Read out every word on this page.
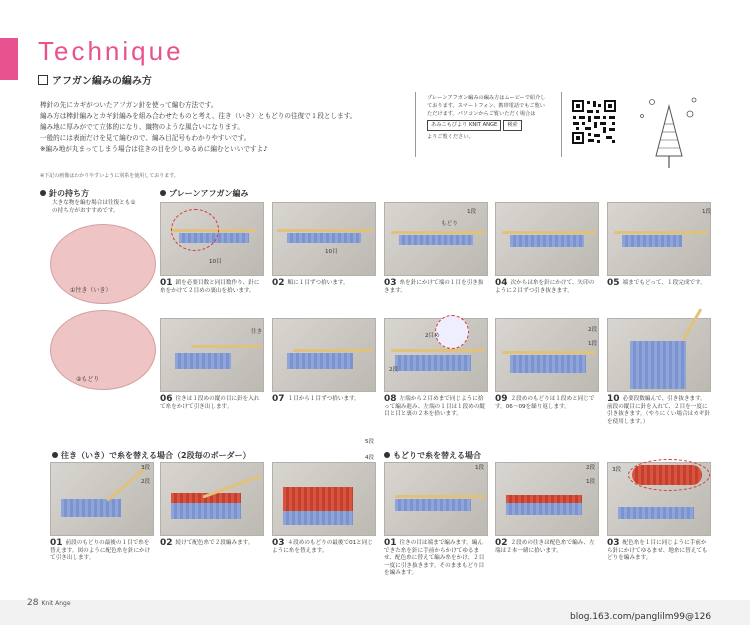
Technique
アフガン編みの編み方
棒針の先にカギがついたアフガン針を使って編む方法です。
編み方は棒針編みとカギ針編みを組み合わせたものと考え、往き（いき）ともどりの往復で１段とします。
編み地に厚みがでて立体的になり、織物のような風合いになります。
一般的には表面だけを見て編むので、編み目記号もわかりやすいです。
※編み地が丸まってしまう場合は往きの目を少しゆるめに編むといいですよ♪
※下記の画像はわかりやすいように別糸を使用しております。
プレーンアフガン編みの編み方はムービーで紹介しております。スマートフォン、携帯電話でもご覧いただけます。パソコンからご覧いただく場合は
あみこもびより KNIT ANGE 検索
よりご覧ください。
針の持ち方
大きな物を編む場合は往復とも①の持ち方がおすすめです。
①往き（いき）
②もどり
プレーンアフガン編み
10目
10目
1段
もどり
1段
01 鎖を必要目数と同目数作り、針に糸をかけて２目めの裏山を拾います。
02 順に１目ずつ拾います。	03 糸を針にかけて端の１目を引き抜きます。
04 次からは糸を針にかけて、矢印のように２目ずつ引き抜きます。
05 端までもどって、１段完成です。
往き
2目め
2段
2段
1段
06 往きは１段めの縦の目に針を入れて糸をかけて引き出します。
07 １目から１目ずつ拾います。	08 左端から２目めまで同じように拾って編み進み、左端の１目は１段めの縦目と目と裏の２本を拾います。
09 ２段めのもどりは１段めと同じです。06〜09を繰り返します。
10 必要段数編んで、引き抜きます。前段の縦目に針を入れて、２目を一度に引き抜きます。（やりにくい場合はカギ針を使用します。）
往き（いき）で糸を替える場合（2段毎のボーダー）
3段
2段
5段
4段
01 前段のもどりの最後の１目で糸を替えます。図のように配色糸を針にかけて引き出します。
02 続けて配色糸で２段編みます。	03 ４段めのもどりの最後で01と同じように糸を替えます。
もどりで糸を替える場合
1段	2段
1段
3段
01 往きの目は端まで編みます。編んできた糸を針に手前からかけてゆるませ、配色糸に替えて編み糸をかけ、２目一度に引き抜きます。そのままもどり目を編みます。
02 ２段めの往きは配色糸で編み、左端は２本一緒に拾います。
03 配色糸を１目に同じように手前から針にかけてゆるませ、地糸に替えてもどりを編みます。
28 Knit Ange
blog.163.com/panglilm99@126
